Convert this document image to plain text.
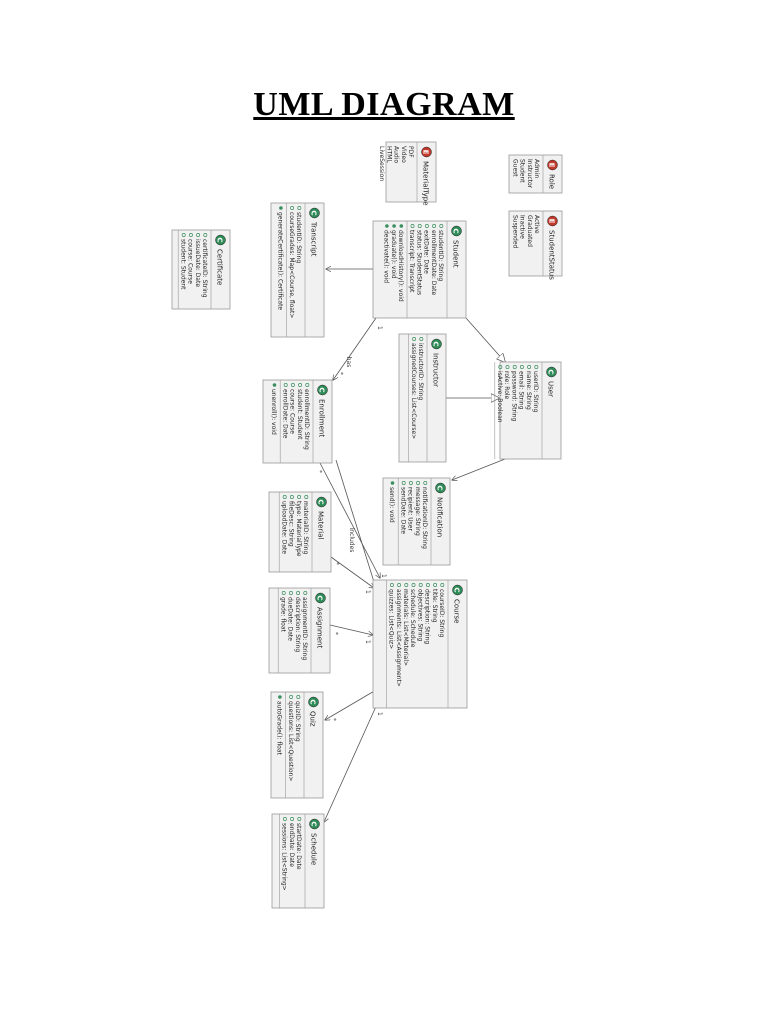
UML DIAGRAM
has
1
*
includes
*
1
*
1
*
1
*
1
C
Student
studentID: String
enrollmentDate: Date
exitDate: Date
status: StudentStatus
transcript: Transcript
downloadHistory(): void
graduate(): void
deactivate(): void
C
Transcript
studentID: String
courseGrades: Map<Course, float>
generateCertificate(): Certificate
C
Certificate
certificateID: String
issueDate: Date
course: Course
student: Student
E
MaterialType
PDF
Video
Audio
HTML
LiveSession	E
Role
Admin
Instructor
Student
Guest
E
StudentStatus
Active
Graduated
Inactive
Suspended
C
User
userID: String
name: String
email: String
password: String
role: Role
isActive: Boolean
C
Instructor
instructorID: String
assignedCourses: List<Course>
C
Enrollment
enrollmentID: String
student: Student
course: Course
enrollDate: Date
unenroll(): void
C
Notification
notificationID: String
message: String
recipient: User
sendDate: Date
send(): void
C
Material
materialID: String
type: MaterialType
fileDesc: String
uploadDate: Date
C
Course
courseID: String
title: String
description: String
objectives: String
schedule: Schedule
materials: List<Material>
assignments: List<Assignment>
quizzes: List<Quiz>
C
Assignment
assignmentID: String
description: String
dueDate: Date
grade: float
C
Quiz
quizID: String
questions: List<Question>
autoGrade(): float
C
Schedule
startDate: Date
endDate: Date
sessions: List<String>
